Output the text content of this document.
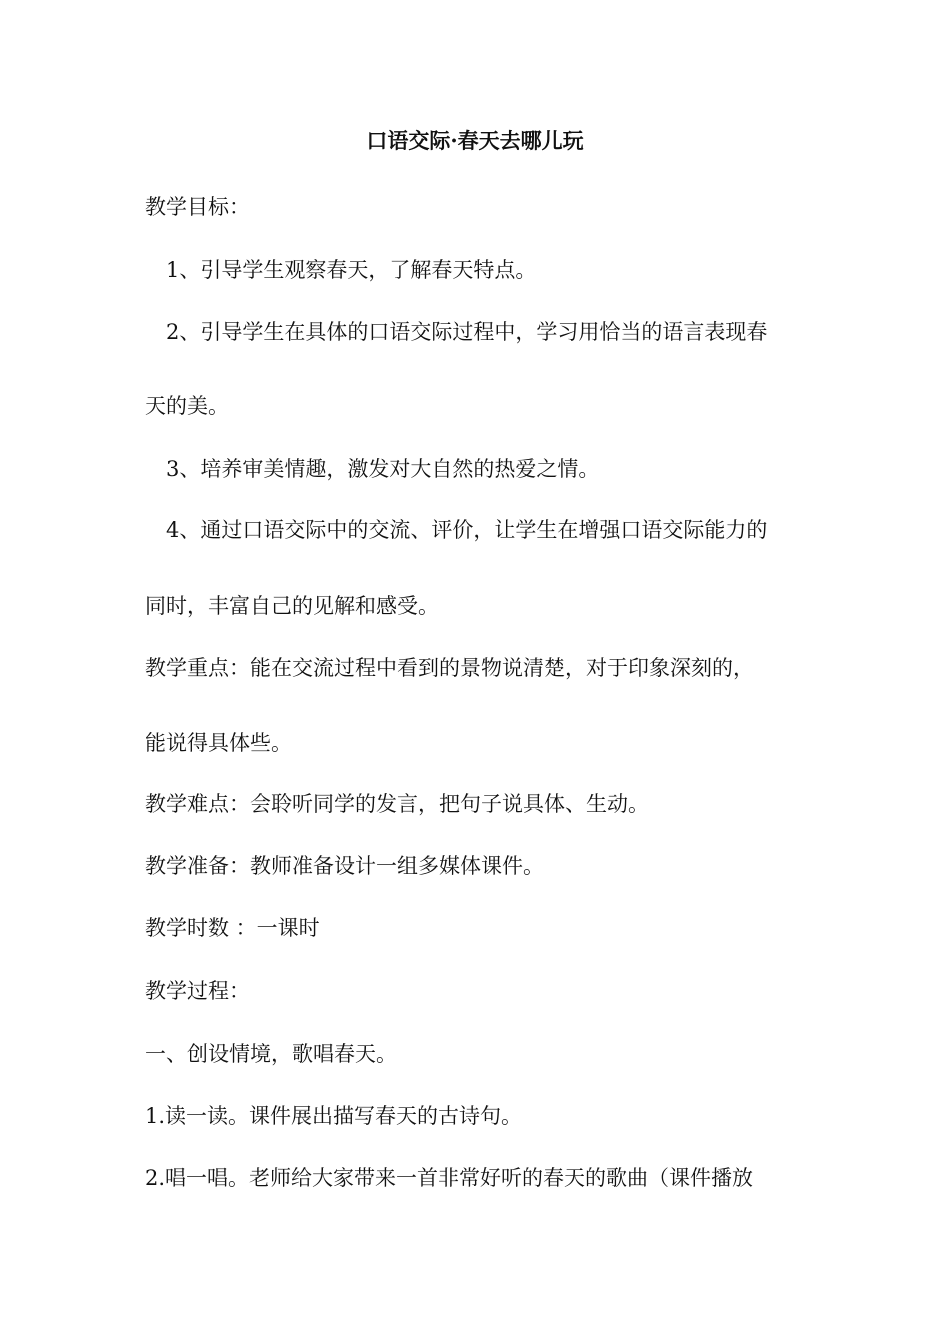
口语交际·春天去哪儿玩
教学目标：
1、引导学生观察春天，了解春天特点。
2、引导学生在具体的口语交际过程中，学习用恰当的语言表现春
天的美。
3、培养审美情趣，激发对大自然的热爱之情。
4、通过口语交际中的交流、评价，让学生在增强口语交际能力的
同时，丰富自己的见解和感受。
教学重点：能在交流过程中看到的景物说清楚，对于印象深刻的，
能说得具体些。
教学难点：会聆听同学的发言，把句子说具体、生动。
教学准备：教师准备设计一组多媒体课件。
教学时数 ：一课时
教学过程：
一、创设情境，歌唱春天。
1.读一读。课件展出描写春天的古诗句。
2.唱一唱。老师给大家带来一首非常好听的春天的歌曲（课件播放
